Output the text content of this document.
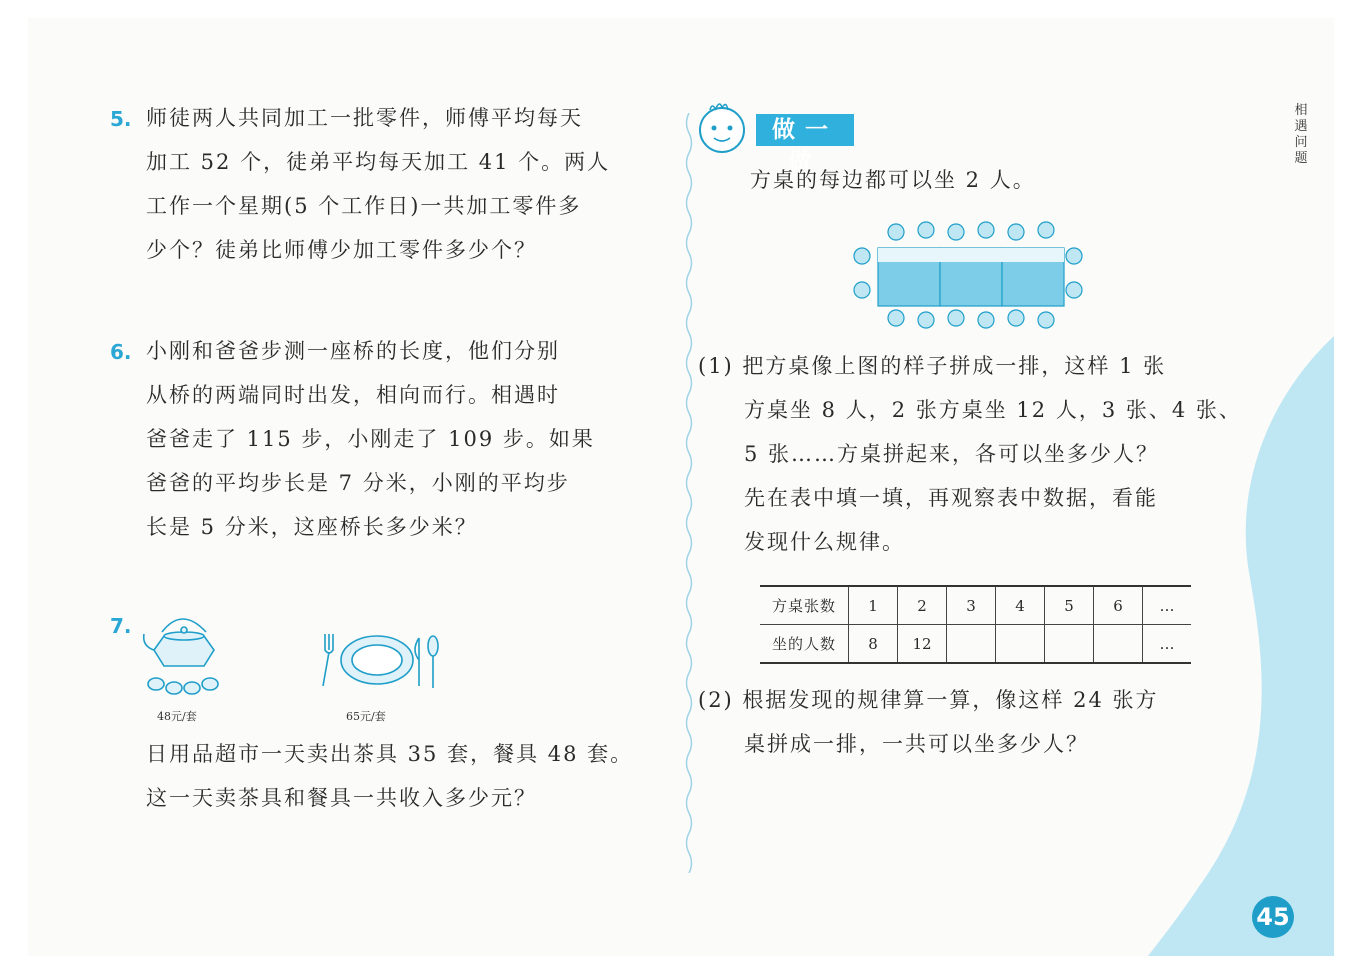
相
遇
问
题
45
5. 师徒两人共同加工一批零件，师傅平均每天
加工 52 个，徒弟平均每天加工 41 个。两人
工作一个星期(5 个工作日)一共加工零件多
少个？徒弟比师傅少加工零件多少个？
6. 小刚和爸爸步测一座桥的长度，他们分别
从桥的两端同时出发，相向而行。相遇时
爸爸走了 115 步，小刚走了 109 步。如果
爸爸的平均步长是 7 分米，小刚的平均步
长是 5 分米，这座桥长多少米？
7.
48元/套	65元/套
日用品超市一天卖出茶具 35 套，餐具 48 套。
这一天卖茶具和餐具一共收入多少元？
做一做
方桌的每边都可以坐 2 人。
(1) 把方桌像上图的样子拼成一排，这样 1 张
　　方桌坐 8 人，2 张方桌坐 12 人，3 张、4 张、
　　5 张……方桌拼起来，各可以坐多少人？
　　先在表中填一填，再观察表中数据，看能
　　发现什么规律。
方桌张数	1	2	3	4	5	6	…
坐的人数	8	12					…
(2) 根据发现的规律算一算，像这样 24 张方
　　桌拼成一排，一共可以坐多少人？
